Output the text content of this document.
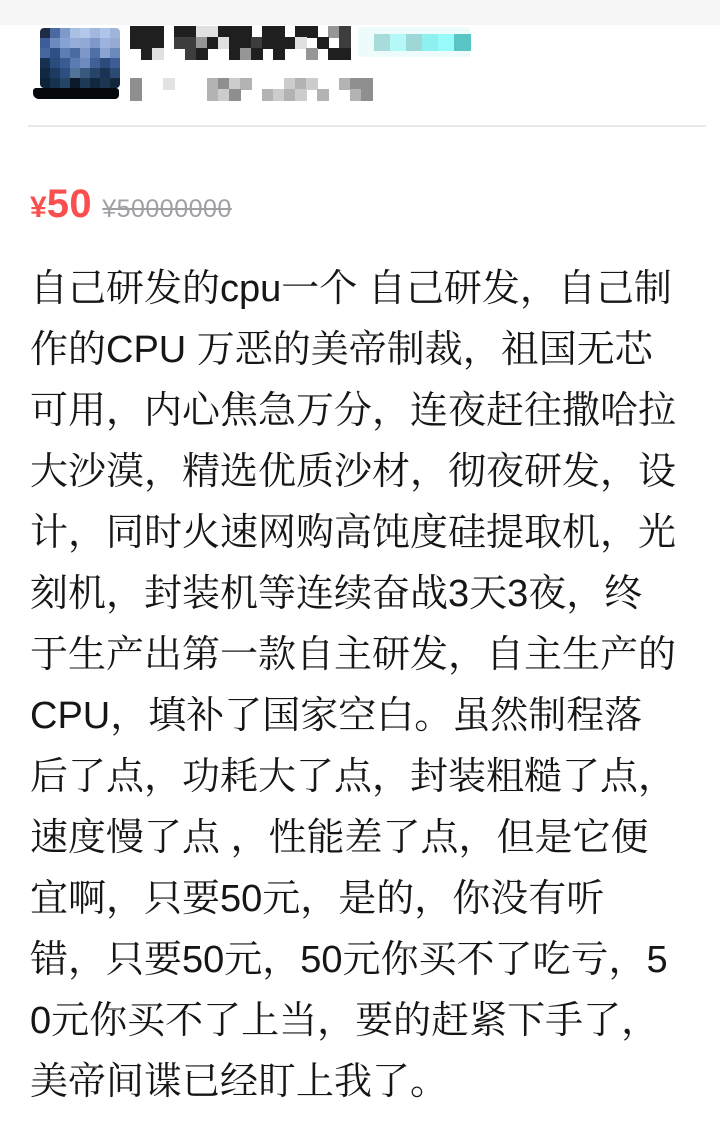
¥ 50 ¥50000000
自己研发的cpu一个 自己研发，自己制作的CPU 万恶的美帝制裁，祖国无芯可用，内心焦急万分，连夜赶往撒哈拉大沙漠，精选优质沙材，彻夜研发，设计，同时火速网购高饨度硅提取机，光刻机，封装机等连续奋战3天3夜，终于生产出第一款自主研发，自主生产的CPU，填补了国家空白。虽然制程落后了点，功耗大了点，封装粗糙了点，速度慢了点 ，性能差了点，但是它便宜啊，只要50元，是的，你没有听错，只要50元，50元你买不了吃亏，50元你买不了上当，要的赶紧下手了，美帝间谍已经盯上我了。
